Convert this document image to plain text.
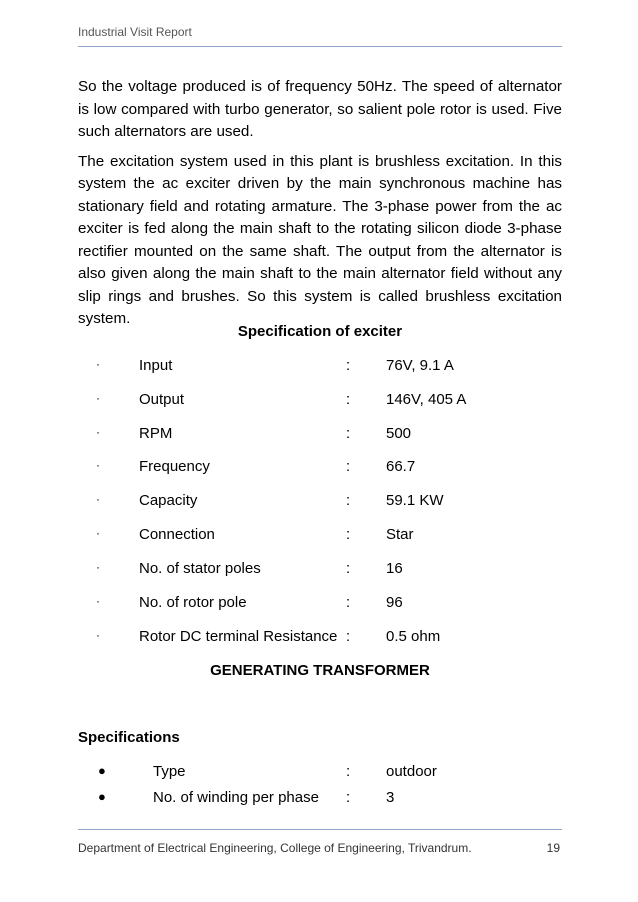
Industrial Visit Report

So the voltage produced is of frequency 50Hz. The speed of alternator is low compared with turbo generator, so salient pole rotor is used. Five such alternators are used.

The excitation system used in this plant is brushless excitation. In this system the ac exciter driven by the main synchronous machine has stationary field and rotating armature. The 3-phase power from the ac exciter is fed along the main shaft to the rotating silicon diode 3-phase rectifier mounted on the same shaft. The output from the alternator is also given along the main shaft to the main alternator field without any slip rings and brushes. So this system is called brushless excitation system.

Specification of exciter
·	Input	: 76V, 9.1 A
·	Output	: 146V, 405 A
·	RPM	: 500
·	Frequency	: 66.7
·	Capacity	: 59.1 KW
·	Connection	: Star
·	No. of stator poles	: 16
·	No. of rotor pole	: 96
·	Rotor DC terminal Resistance : 0.5 ohm
GENERATING TRANSFORMER
Specifications
●	Type	: outdoor
●	No. of winding per phase : 3
Department of Electrical Engineering, College of Engineering, Trivandrum.	19
